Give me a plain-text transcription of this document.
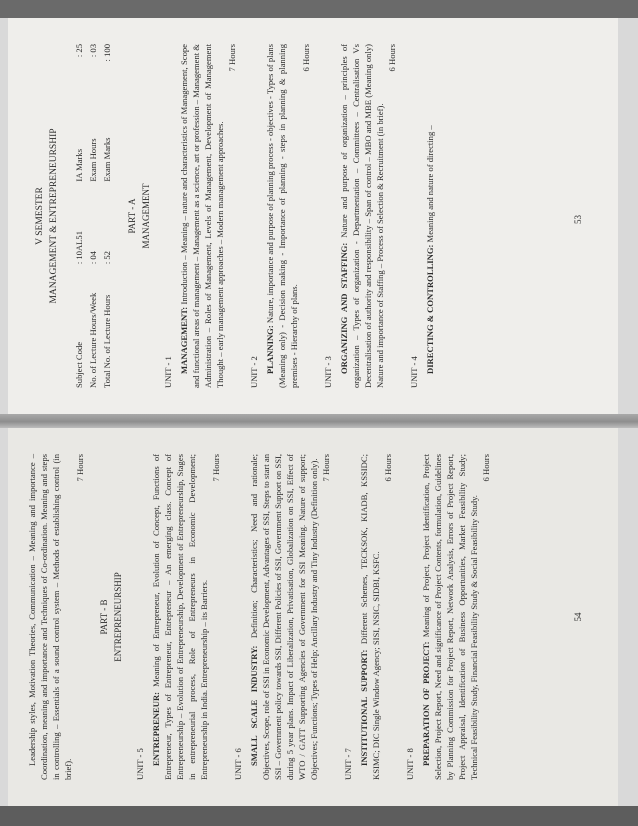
Leadership styles, Motivation Theories, Communication – Meaning and importance – Coordination, meaning and importance and Techniques of Co-ordination. Meaning and steps in controlling – Essentials of a sound control system – Methods of establishing control (in brief).

7 Hours

PART - B ENTREPRENEURSHIP
UNIT - 5 ENTREPRENEUR: Meaning of Entrepreneur, Evolution of Concept, Functions of Entrepreneur, Types of Entrepreneur, Entrepreneur – An emerging class. Concept of Entrepreneurship – Evolution of Entrepreneurship, Development of Entrepreneurship, Stages in entrepreneurial process, Role of Entrepreneurs in Economic Development; Entrepreneurship in India. Entrepreneurship – its Barriers.

7 Hours

UNIT - 6 SMALL SCALE INDUSTRY: Definition; Characteristics; Need and rationale; Objectives, Scope, role of SSI in Economic Development, Advantages of SSI, Steps to start an SSI – Government policy towards SSI, Different Policies of SSI, Government Support on SSI, during 5 year plans. Impact of Liberalization, Privatisation, Globalization on SSI, Effect of WTO / GATT Supporting Agencies of Government for SSI Meaning. Nature of support; Objectives; Functions; Types of Help; Ancillary Industry and Tiny Industry (Definition only). 7 Hours

UNIT - 7 INSTITUTIONAL SUPPORT: Different Schemes, TECKSOK, KIADB, KSSIDC; KSIMC; DIC Single Window Agency; SISI, NSIC, SIDBI, KSFC.

6 Hours

UNIT - 8 PREPARATION OF PROJECT: Meaning of Project, Project Identification, Project Selection, Project Report, Need and significance of Project Contents, formulation, Guidelines by Planning Commission for Project Report, Network Analysis, Errors of Project Report, Project Appraisal, Identification of Business Opportunities, Market Feasibility Study; Technical Feasibility Study, Financial Feasibility Study & Social Feasibility Study.

6 Hours

54
V SEMESTER MANAGEMENT & ENTREPRENEURSHIP
Subject Code	: 10AL51	IA Marks	: 25
No. of Lecture Hours/Week	: 04	Exam Hours	: 03
Total No. of Lecture Hours	: 52	Exam Marks	: 100
PART - A MANAGEMENT
UNIT - 1 MANAGEMENT: Introduction – Meaning – nature and characteristics of Management, Scope and functional areas of management – Management as a science, art or profession – Management & Administration – Roles of Management, Levels of Management, Development of Management Thought – early management approaches – Modern management approaches.

7 Hours

UNIT - 2 PLANNING: Nature, importance and purpose of planning process - objectives - Types of plans (Meaning only) - Decision making - Importance of planning - steps in planning & planning premises - Hierarchy of plans.

6 Hours

UNIT - 3 ORGANIZING AND STAFFING: Nature and purpose of organization – principles of organization – Types of organization - Departmentation – Committees – Centralisation Vs Decentralisation of authority and responsibility – Span of control – MBO and MBE (Meaning only) Nature and importance of Staffing – Process of Selection & Recruitment (in brief).

6 Hours

UNIT - 4 DIRECTING & CONTROLLING: Meaning and nature of directing –	53
